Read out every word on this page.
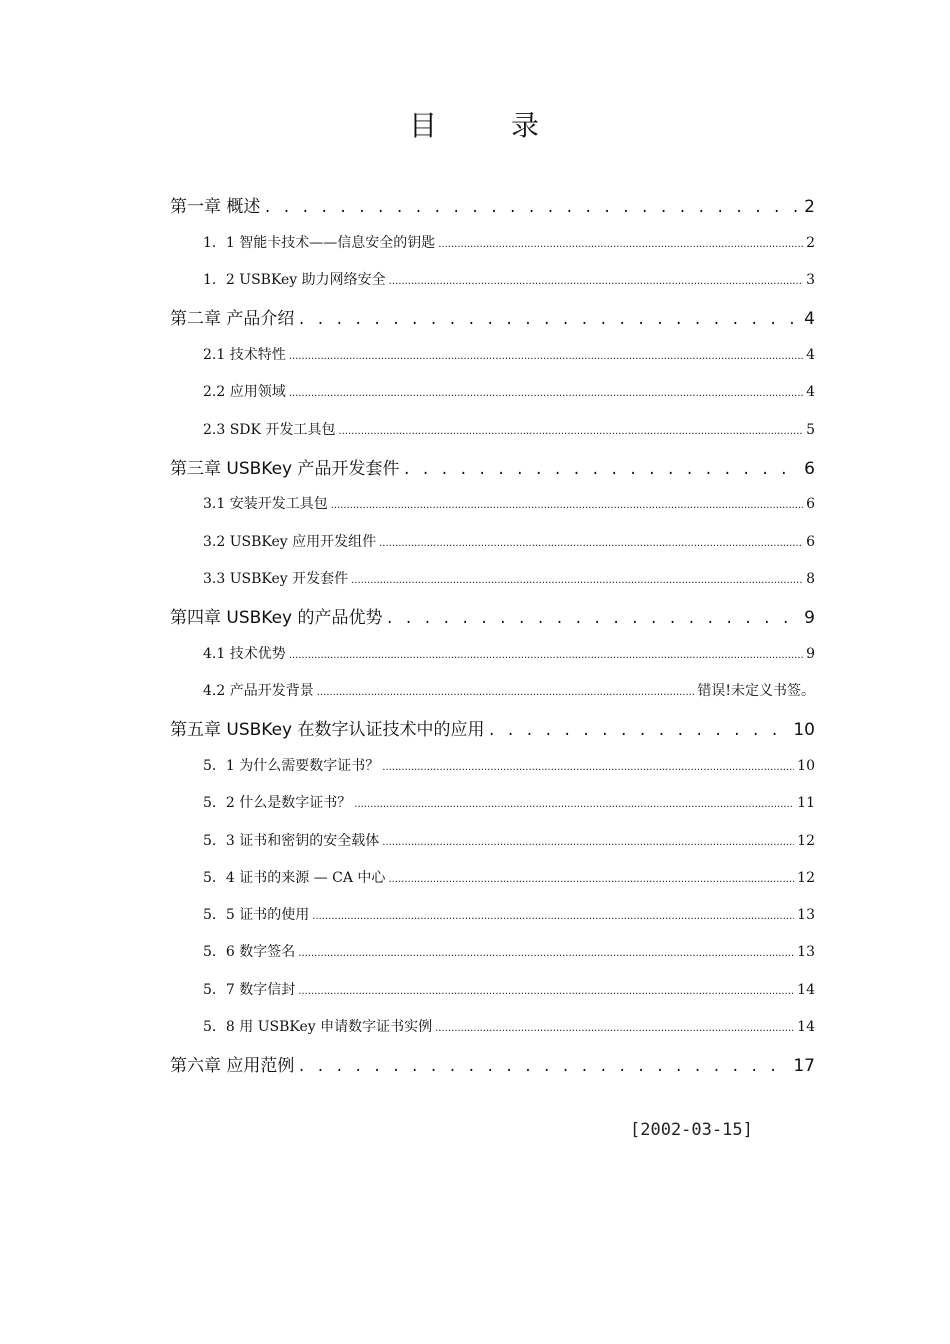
目	录
第一章 概述 . . .	2
1．1 智能卡技术——信息安全的钥匙 .....	2
1．2 USBKey 助力网络安全 .....	3
第二章 产品介绍 . . .	4
2.1 技术特性 .....	4
2.2 应用领域 .....	4
2.3 SDK 开发工具包 .....	5
第三章 USBKey 产品开发套件 . . .	6
3.1 安装开发工具包 .....	6
3.2 USBKey 应用开发组件 .....	6
3.3 USBKey 开发套件 .....	8
第四章 USBKey 的产品优势 . . .	9
4.1 技术优势 .....	9
4.2 产品开发背景 .....	错误!未定义书签。
第五章 USBKey 在数字认证技术中的应用 . . .	10
5．1 为什么需要数字证书？ .....	10
5．2 什么是数字证书？ .....	11
5．3 证书和密钥的安全载体 .....	12
5．4 证书的来源 — CA 中心 .....	12
5．5 证书的使用 .....	13
5．6 数字签名 .....	13
5．7 数字信封 .....	14
5．8 用 USBKey 申请数字证书实例 .....	14
第六章 应用范例 . . .	17
[2002-03-15]
